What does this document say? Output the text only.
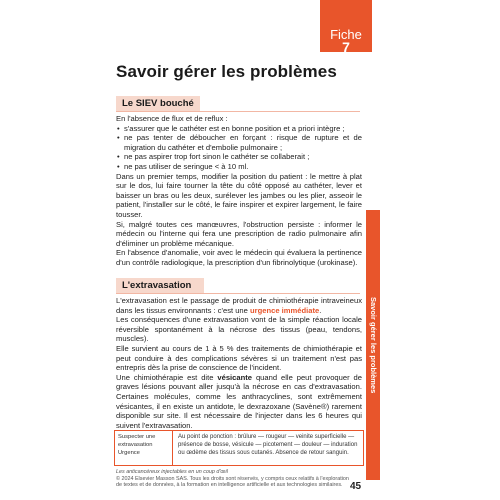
Fiche
7
Savoir gérer les problèmes
Savoir gérer les problèmes
Le SIEV bouché

En l'absence de flux et de reflux :

• s'assurer que le cathéter est en bonne position et a priori intègre ;
• ne pas tenter de déboucher en forçant : risque de rupture et de migration du cathéter et d'embolie pulmonaire ;
• ne pas aspirer trop fort sinon le cathéter se collaberait ;
• ne pas utiliser de seringue < à 10 ml.

Dans un premier temps, modifier la position du patient : le mettre à plat sur le dos, lui faire tourner la tête du côté opposé au cathéter, lever et baisser un bras ou les deux, surélever les jambes ou les plier, asseoir le patient, l'installer sur le côté, le faire inspirer et expirer largement, le faire tousser.

Si, malgré toutes ces manœuvres, l'obstruction persiste : informer le médecin ou l'interne qui fera une prescription de radio pulmonaire afin d'éliminer un problème mécanique.

En l'absence d'anomalie, voir avec le médecin qui évaluera la pertinence d'un contrôle radiologique, la prescription d'un fibrinolytique (urokinase).

L'extravasation

L'extravasation est le passage de produit de chimiothérapie intraveineux dans les tissus environnants : c'est une urgence immédiate.

Les conséquences d'une extravasation vont de la simple réaction locale réversible spontanément à la nécrose des tissus (peau, tendons, muscles).

Elle survient au cours de 1 à 5 % des traitements de chimiothérapie et peut conduire à des complications sévères si un traitement n'est pas entrepris dès la prise de conscience de l'incident.

Une chimiothérapie est dite vésicante quand elle peut provoquer de graves lésions pouvant aller jusqu'à la nécrose en cas d'extravasation. Certaines molécules, comme les anthracyclines, sont extrêmement vésicantes, il en existe un antidote, le dexrazoxane (Savène®) rarement disponible sur site. Il est nécessaire de l'injecter dans les 6 heures qui suivent l'extravasation.

Suspecter une
extravasation
Urgence
Au point de ponction : brûlure — rougeur — veinite superficielle — présence de bosse, vésicule — picotement — douleur — induration ou œdème des tissus sous cutanés. Absence de retour sanguin.
Les anticancéreux injectables en un coup d'œil
© 2024 Elsevier Masson SAS. Tous les droits sont réservés, y compris ceux relatifs à l'exploration de textes et de données, à la formation en intelligence artificielle et aux technologies similaires. 45
